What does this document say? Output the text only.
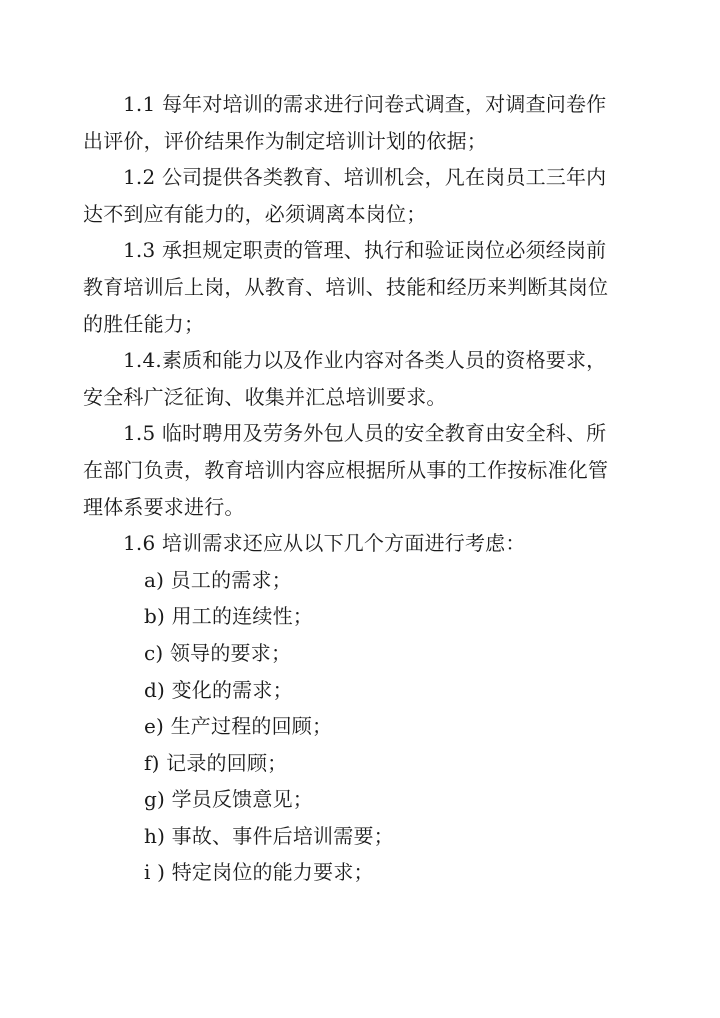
1.1 每年对培训的需求进行问卷式调查，对调查问卷作
出评价，评价结果作为制定培训计划的依据；

1.2 公司提供各类教育、培训机会，凡在岗员工三年内
达不到应有能力的，必须调离本岗位；

1.3 承担规定职责的管理、执行和验证岗位必须经岗前
教育培训后上岗，从教育、培训、技能和经历来判断其岗位
的胜任能力；

1.4.素质和能力以及作业内容对各类人员的资格要求，
安全科广泛征询、收集并汇总培训要求。

1.5 临时聘用及劳务外包人员的安全教育由安全科、所
在部门负责，教育培训内容应根据所从事的工作按标准化管
理体系要求进行。

1.6 培训需求还应从以下几个方面进行考虑：

a) 员工的需求；

b) 用工的连续性；

c) 领导的要求；

d) 变化的需求；

e) 生产过程的回顾；

f) 记录的回顾；

g) 学员反馈意见；

h) 事故、事件后培训需要；

i ) 特定岗位的能力要求；
